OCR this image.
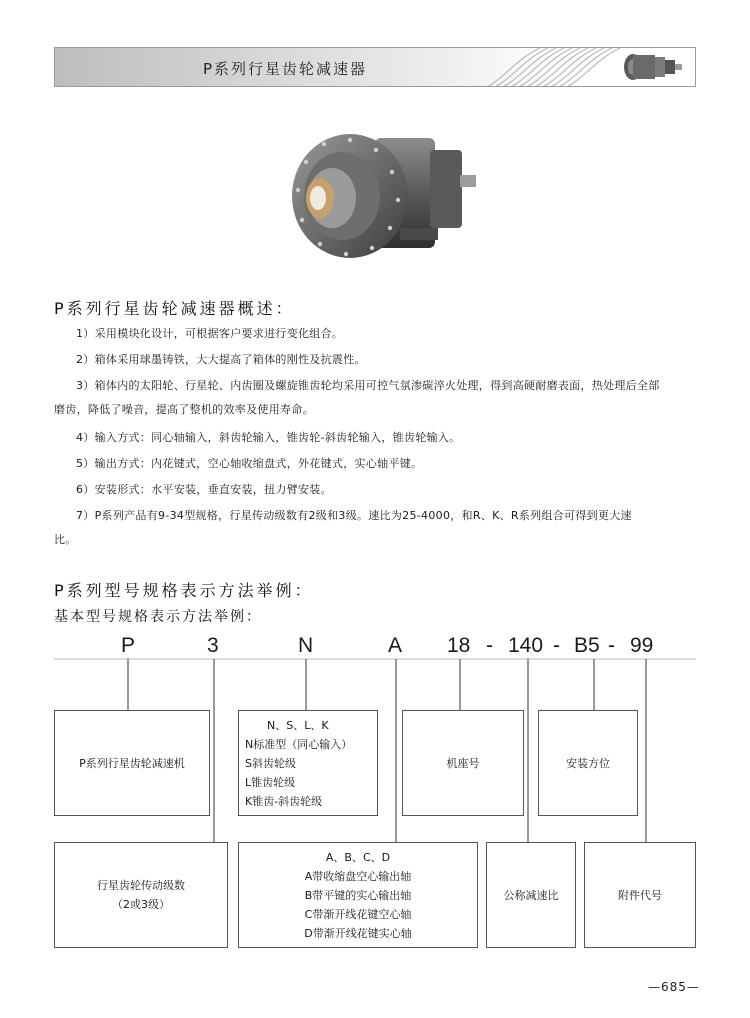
P系列行星齿轮减速器
P系列行星齿轮减速器概述：
1）采用模块化设计，可根据客户要求进行变化组合。
2）箱体采用球墨铸铁，大大提高了箱体的刚性及抗震性。
3）箱体内的太阳轮、行星轮、内齿圈及螺旋锥齿轮均采用可控气氛渗碳淬火处理，得到高硬耐磨表面，热处理后全部
磨齿，降低了噪音，提高了整机的效率及使用寿命。
4）输入方式：同心轴输入，斜齿轮输入，锥齿轮-斜齿轮输入，锥齿轮输入。
5）输出方式：内花键式，空心轴收缩盘式，外花键式，实心轴平键。
6）安装形式：水平安装，垂直安装，扭力臂安装。
7）P系列产品有9-34型规格，行星传动级数有2级和3级。速比为25-4000，和R、K、R系列组合可得到更大速
比。
P系列型号规格表示方法举例：
基本型号规格表示方法举例：
P	3	N	A 18 - 140 - B5 - 99
P系列行星齿轮减速机
N、S、L、K
N标准型（同心输入）
S斜齿轮级
L锥齿轮级
K锥齿-斜齿轮级
机座号	安装方位
行星齿轮传动级数
（2或3级）
A、B、C、D
A带收缩盘空心输出轴
B带平键的实心输出轴
C带渐开线花键空心轴
D带渐开线花键实心轴
公称减速比	附件代号
—685—
